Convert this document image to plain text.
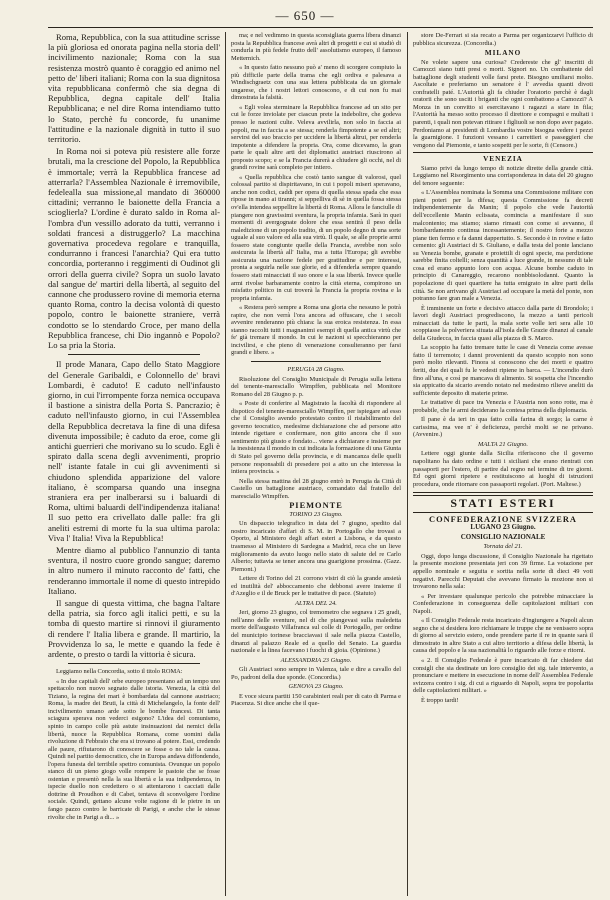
— 650 —

Roma, Repubblica, con la sua attitudine scrisse la più gloriosa ed onorata pagina nella storia dell' incivilimento nazionale; Roma con la sua resistenza mostrò quanto è coraggio ed animo nel petto de' liberi italiani; Roma con la sua dignitosa vita repubblicana confermò che sia degna di Repubblica, degna capitale dell' Italia Repubblicana; e nel dire Roma intendiamo tutto lo Stato, perchè fu concorde, fu unanime l'attitudine e la nazionale dignità in tutto il suo territorio.

In Roma noi si poteva più resistere alle forze brutali, ma la crescione del Popolo, la Repubblica è immortale; verrà la Repubblica francese ad atterrarla? l'Assemblea Nazionale è irremovibile, fedelealla sua missione,al mandato di 360000 cittadini; verranno le baionette della Francia a scioglierla? L'ordine è durato saldo in Roma al-l'ombra d'un vessillo adorato da tutti, verranno i soldati francesi a distruggerlo? La macchina governativa procedeva regolare e tranquilla, condurranno i francesi l'anarchia? Qui era tutto concordia, porteranno i reggimenti di Oudinot gli orrori della guerra civile? Sopra un suolo lavato dal sangue de' martiri della libertà, al seguito del cannone che produssero rovine di memoria eterna quanto Roma, contro la decisa volontà di questo popolo, contro le baionette straniere, verrà condotto se lo stendardo Croce, per mano della Repubblica francese, chi Dio ingannò e Popolo? Lo sa pria la Storia.

Il prode Manara, Capo dello Stato Maggiore del Generale Garibaldi, e Colonnello de' bravi Lombardi, è caduto! E caduto nell'infausto giorno, in cui l'irrompente forza nemica occupava il bastione a sinistra della Porta S. Pancrazio; è caduto nell'infausto giorno, in cui l'Assemblea della Repubblica decretava la fine di una difesa divenuta impossibile; è caduto da eroe, come gli antichi guerrieri che morivano su lo scudo. Egli è spirato dalla scena degli avvenimenti, proprio nell' istante fatale in cui gli avvenimenti si chiudono splendida apparizione del valore italiano, è scomparsa quando una insegna straniera era per inalberarsi su i baluardi di Roma, ultimi baluardi dell'indipendenza italiana! Il suo petto era crivellato dalle palle: fra gli aneliti estremi di morte fu la sua ultima parola: Viva l' Italia! Viva la Repubblica!

Mentre diamo al pubblico l'annunzio di tanta sventura, il nostro cuore grondo sangue; daremo in altro numero il minuto racconto de' fatti, che renderanno immortale il nome di questo intrepido Italiano.

Il sangue di questa vittima, che bagna l'altare della patria, sia forco agli italici petti, e su la tomba di questo martire si rinnovi il giuramento di rendere l' Italia libera e grande. Il martirio, la Provvidenza lo sa, le mette e quando la fede è ardente, o presto o tardi la vittoria è sicura.

Leggiamo nella Concordia, sotto il titolo ROMA:

« In due capitali dell' orbe europeo presentano ad un tempo uno spettacolo non nuovo segnato dalle istoria. Venezia, la città del Tiziano, la regina dei mari è bombardata dal cannone austriaco; Roma, la madre dei Bruti, la città di Michelangelo, la fonte dell' incivilimento umano arde sotto le bombe francesi. Di tanta sciagura sperava non vederci esigono? L'idea del comunismo, spinto in campo colle più astute insinuazioni dai nemici della libertà, nuoce la Repubblica Romana, come uomini dalla rivoluzione di Febbraio che era si trovano al potere. Essi, credendo alle paure, rifiutarono di conoscere se fosse o no tale la causa. Quindi nel partito democratico, che in Europa andava diffondendo, l'opera funesta del terribile spettro comunista. Ovunque un popolo stanco di un pieno giogo volle rompere le pastoie che se fosse ostentan e presentò nella la sua libertà e la sua indipendenza, in ispecie duello non credettero o si attentarono i cacciati dalle dottrine di Proudhon e di Cabet, tentava di sconvolgere l'ordine sociale. Quindi, gettano alcune volte ragione di le pietre in un fango pazzo contro le barricate di Parigi, e anche che le stesse rivolte che in Parigi a di... »

ma; e nel vedimmo in questa sconsigliata guerra libera dinanzi posta la Repubblica francese avrà altri di progetti e cui si studiò di condurla in più fedele frutto dell' assolutismo europeo, il famoso Metternich.

« In questo fatto nessuno può a' meno di scorgere compiuto la più difficile parte della trama che egli ordiva e palesava a Windischgraetz con una sua lettera pubblicata da un giornale ungarese, che i nostri lettori conoscono, e di cui non fu mai dimostrata la falsità.

« Egli volea sterminare la Repubblica francese ad un sito per cui le forze inviolate per ciascun prete la indebolire, che godeva presso le nazioni culte. Veleva avvilirla, non solo in faccia ai popoli, ma in faccia a se stessa; renderla fimpotente a se ed altri; servirsi del suo braccio per uccidere la libertà altrui, per renderla impotente a difendere la propria. Ora, come dicevamo, la gran parte le quali altre arti dei diplomatici austriaci riuscirono al proposto scopo; e se la Francia durerà a chiudere gli occhi, nel di grandi rovine sarà completo per intiero.

« Quella repubblica che costò tanto sangue di valorosi, quel colossal partito si dispiritavano, in cui i popoli miseri speravano, anche non codici, caddi per opera di quella stessa spada che essa ripose in mano ai tiranni; si seppelliva di sè in quella fossa stessa ov'ella intendea seppellire la libertà di Roma. Allora le fanciulle di piangere non gravissimi sventura, la propria infamia. Sarà in quei momenti di avergognate dolore che essa sentirà il peso della maledizione di un popolo tradito, di un popolo degno di una sorte uguale al suo valore ed alla sua virtù. Il quale, se alle proprie armi fossero state congiunte quelle della Francia, avrebbe non solo assicurata la libertà all' Italia, ma a tutta l'Europa; gli avrebbe assicurata una nazione fedele per gratitudine e per interessi, pronta a seguirla nelle sue glorie, ed a difenderla sempre quando fossero stati minacciati il suo onore e la sua libertà. Invece quelle armi rivolse barbaramente contro la città eterna, compirono un misfatto politico in cui troverà la Francia la propria rovina e la propria infamia.

« Restera però sempre a Roma una gloria che nessuno le potrà rapire, che non verrà l'ora ancora ad offuscare, che i secoli avvenire renderanno più chiara: la sua eroica resistenza. In essa stanno raccolti tutti i magnanimi esempi di quella antica virtù che fe' già tremare il mondo. In cui le nazioni si specchieranno per incivilirsi, e che pieno di venerazione consulteranno per farsi grandi e libere. »

PERUGIA 28 Giugno.

Risoluzione del Consiglio Municipale di Perugia sulla lettera del tenente-maresciallo Wimpffen, pubblicata nel Monitore Romano del 28 Giugno p. p.

« Poste di conferire al Magistrato la facoltà di rispondere al dispotico del tenente-maresciallo Wimpffen, per ispiegare ad esso che il Consiglio avendo protestato contro il ristabilimento del governo teocratico, medesime dichiarazione che ad persone atto intende rigettare e confermare, non gitto ancora che il suo sentimento più giusto e fondato... viene a dichiarare e insieme per la inesistenza il mondo in cui indicata la formazione di una Giunta di Stato pel governo della provincia, e di mancanza delle quelli persone responsabili di presedere poi a atto un che interessa la intiera provincia. »

Nella stessa mattina del 28 giugno entrò in Perugia da Città di Castello un battaglione austriaco, comandato dal fratello del maresciallo Wimpffen.

PIEMONTE
TORINO 23 Giugno.

Un dispaccio telegrafico in data del 7 giugno, spedito dal nostro incaricato d'affari di S. M. in Portogallo che trovasi a Oporto, al Ministero degli affari esteri a Lisbona, e da questo trasmesso al Ministero di Sardegna a Madrid, reca che un lieve miglioramento da avuto luogo nello stato di salute del re Carlo Alberto; tuttavia se tener ancora una guarigione prossima. (Gazz. Piemont.)

Lettere di Torino del 21 corrono vistri di ciò la grande ansietà ed inutilità del' abboccamento che debbonsi avere insieme il d'Azeglio e il de Bruck per le trattative di pace. (Statuto)

ALTRA DEL 24.

Jeri, giorno 23 giugno, col tremometro che segnava i 25 gradi, nell'anno delle sventure, nel di che piangevasi sulla maledetta morte dell'augusto Villafranca sul colle di Portogallo, per ordine del municipio torinese bracciavasi il sale nella piazza Castello, dinanzi al palazzo Reale ed a quello del Senato. La guardia nazionale e la linea facevano i fuochi di gioia. (Opinione.)

ALESSANDRIA 23 Giugno.

Gli Austriaci sono sempre in Valenza, tale e dire a cavallo del Po, padroni della due sponde. (Concordia.)

GENOVA 23 Giugno.

E voce sicura partiti 150 carabinieri reali per di cato di Parma e Piacenza. Si dice anche che il que-

store De-Ferrari si sia recato a Parma per organizzarvi l'ufficio di pubblica sicurezza. (Concordia.)

MILANO

Ne volete sapere una curiosa? Credereste che gl' inscritti di Camozzi siano tutti presi o morti. Signori no. Un combattente del battaglione degli studenti volle farsi prete. Bisogno umiliarsi molto. Ascoltate e preferiamo un senatore è l' avvedia quanti divoti confratelli paté. L'Autorità gli fa chiuder l'oratorio perchè è dagli oratorii che sono usciti i briganti che ogni combattono a Camozzi? A Monza in un convitto si esercitavano i ragazzi a stare in fila; l'Autorità ha messo sotto processo il direttore e compagni e multati i parenti, i quali non potevan ritirare i figliuoli se non dopo aver pagato. Perdoniamo ai presidenti di Lombardia vostre bisogna vedere i pezzi la guarnigione. I funzioni vessano i carrettieri e passeggieri che vengono dal Piemonte, e tanto sospetti per le sorte, fi (Censore.)

VENEZIA

Siamo privi da lungo tempo di notizie dirette della grande città. Leggiamo nel Risorgimento una corrispondenza in data del 20 giugno del tenore seguente:

« L'Assemblea nominata la Somma una Commissione militare con pieni poteri per la difesa; questa Commissione fa decreti indipendentemente da Manin; il popolo che vede l'autorità dell'eccellente Manin eclissata, comincia a manifestare il suo malcontento; ma stiamo; siamo rimasti con come si avvanno, il bombardamento continua incessantemente; il nostro forte a mezzo piane tien fermo e fa danni dappertutto. S. Secondo è in rovine e fatto cemento: gli Austriaci di S. Giuliano, e dalla testa del ponte lanciano su Venezia bombe, granate e proiettili di ogni specie, ma perdizione sarebbe finita coltelli; senza quantità a luce grande, in nessuno di tale cosa ed erano appunto loro con acqua. Alcune bombe caduto in principio di Canareggio, recarono nonbbisolodanni. Quanto la popolazione di quei quartiere ha tutta emigrato in altre parti della città. Se non arrivano gli Austriaci ad occupare la metà del ponte, non potranno fare gran male a Venezia.

È imminente un forte e decisivo attacco dalla parte di Brondolo; i lavori degli Austriaci progrediscono, la mezzo a tanti pericoli minacciati da tutte le parti, la mala sorte volle ieri sera alle 10 scoppiasse la polveriera situata all'isola delle Grazie dinanzi al canale della Giudecca, in faccia quasi alla piazza di S. Marco.

La scoppio ha fatto tremare tutte le case di Venezia come avesse fatto il terremoto; i danni provenienti da questo scoppio non sono però molto rilevanti. Finora si conoscono che dei morti e quattro feriti, due dei quali fu le vedesti ripiene in barca. — L'incendio durò fino all'una, e così pe mancava di alimento. Si sospetta che l'incendio sia appicatto da sicario avendo notato nel medesimo rilieve aneliti da sufficiente deposito di materie prime.

Le trattative di pace tra Venezia e l'Austria non sono rotte, ma è probabile, che le armi deciderano la contesa prima della diplomazia.

Il pane è da ieri in qua fatto colla farina di sorgo; la carne è carissima, ma vee n' è deficienza, perchè molti se ne privano. (Avvenire.)

MALTA 21 Giugno.

Lettere oggi giunte dalla Sicilia riferiscono che il governo napolitano ha dato ordine e tutti i siciliani che erano rientrati con passaporti per l'estero, di partire dal regno nel termine di tre giorni. Ed ogni giorni ripetere e restituiscono ai luoghi di istruzioni procedura, onde ritornare con passaporti regolari. (Port. Maltese.)

STATI ESTERI
CONFEDERAZIONE SVIZZERA
LUGANO 23 Giugno.
CONSIGLIO NAZIONALE
Tornata del 21.

Oggi, dopo lunga discussione, il Consiglio Nazionale ha rigettato la presente mozione presentata jeri con 39 firme. La votazione per appello nominale e seguita e sortita nella sorte di dieci 49 voti negativi. Parecchi Deputati che avevano firmato la mozione non si trovarono nella sala:

« Per investare qualunque pericolo che potrebbe minacciare la Confederazione in conseguenza delle capitolazioni militari con Napoli.

« Il Consiglio Federale resta incaricato d'ingiungere a Napoli alcun segno che si desidera loro richiamare le truppe che ne venissero sopra di giorno al servizio estero, onde prendere parte il re in quante sarà il dimostrato in altre Stato a cui altro territorio a difesa delle libertà, la causa del popolo e la sua nazionalità lo riguardo alle forze e ritorni.

« 2. Il Consiglio Federale è pure incaricato di far chiedere dai consigli che sia destinate un loro consiglio dei sig. tale intervento, a pronunciare e mettere in esecuzione in nome dell' Assemblea Federale svizzera contro i sig. di cui a riguardo di Napoli, sopra tre popolarita delle capitolazioni militari. »

È troppo tardi!
